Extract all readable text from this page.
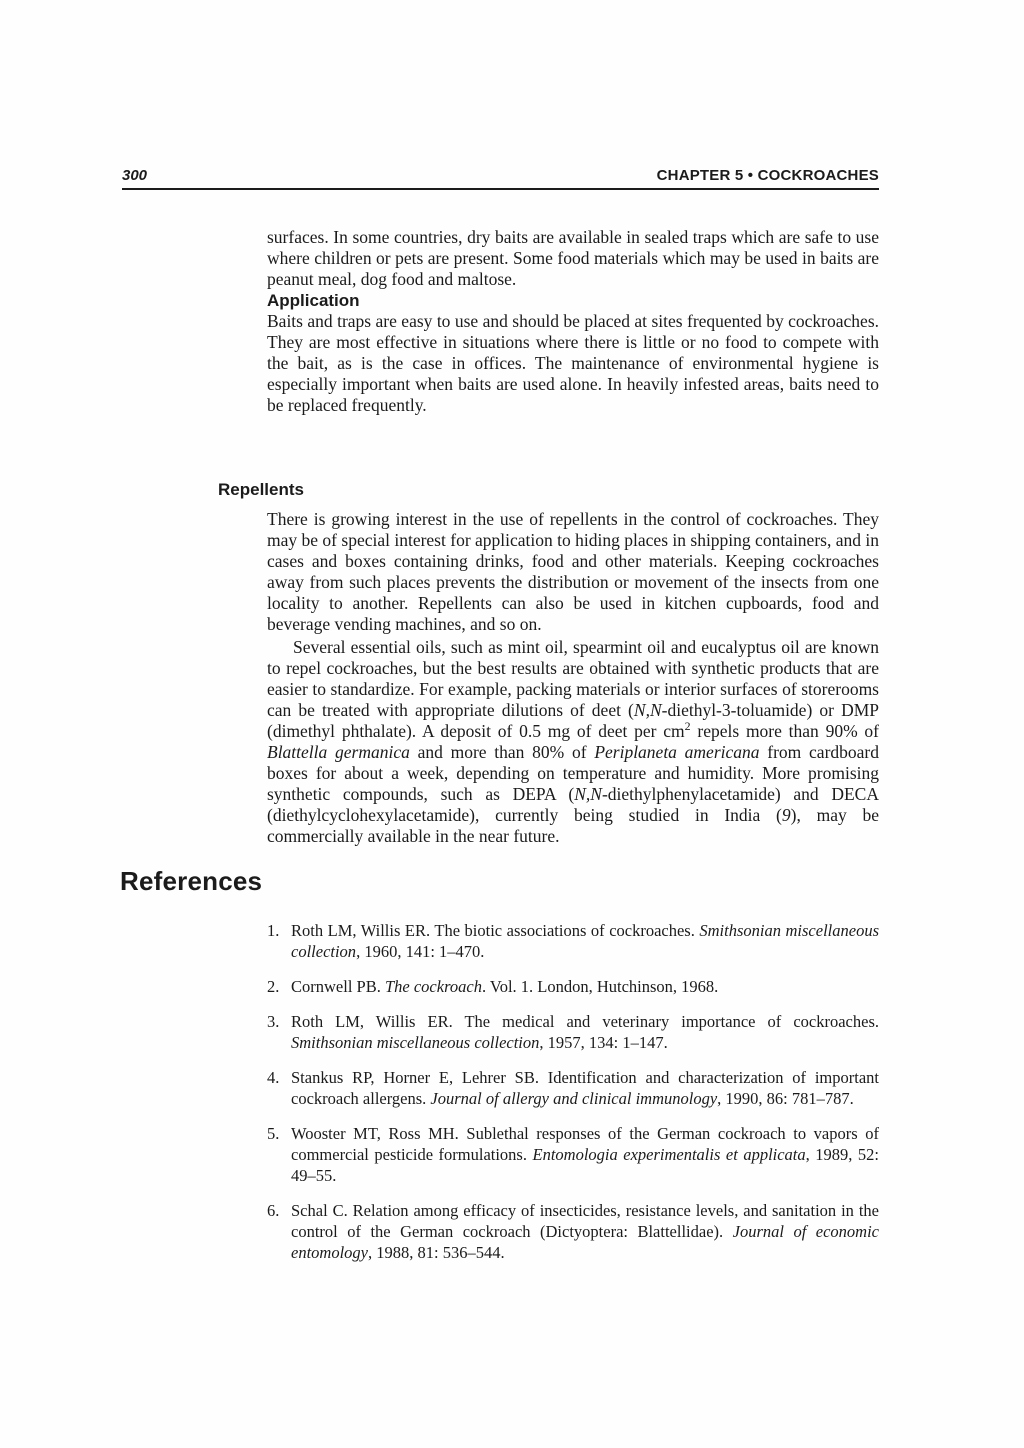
300	CHAPTER 5 • COCKROACHES

surfaces. In some countries, dry baits are available in sealed traps which are safe to use where children or pets are present. Some food materials which may be used in baits are peanut meal, dog food and maltose.

Application

Baits and traps are easy to use and should be placed at sites frequented by cockroaches. They are most effective in situations where there is little or no food to compete with the bait, as is the case in offices. The maintenance of environmental hygiene is especially important when baits are used alone. In heavily infested areas, baits need to be replaced frequently.

Repellents

There is growing interest in the use of repellents in the control of cockroaches. They may be of special interest for application to hiding places in shipping containers, and in cases and boxes containing drinks, food and other materials. Keeping cockroaches away from such places prevents the distribution or movement of the insects from one locality to another. Repellents can also be used in kitchen cupboards, food and beverage vending machines, and so on.

Several essential oils, such as mint oil, spearmint oil and eucalyptus oil are known to repel cockroaches, but the best results are obtained with synthetic products that are easier to standardize. For example, packing materials or interior surfaces of storerooms can be treated with appropriate dilutions of deet (N,N-diethyl-3-toluamide) or DMP (dimethyl phthalate). A deposit of 0.5 mg of deet per $cm^2$ repels more than 90% of Blattella germanica and more than 80% of Periplaneta americana from cardboard boxes for about a week, depending on temperature and humidity. More promising synthetic compounds, such as DEPA (N,N-diethylphenylacetamide) and DECA (diethylcyclohexylacetamide), currently being studied in India (9), may be commercially available in the near future.

References
1. Roth LM, Willis ER. The biotic associations of cockroaches. Smithsonian miscellaneous collection, 1960, 141: 1–470.
2. Cornwell PB. The cockroach. Vol. 1. London, Hutchinson, 1968.
3. Roth LM, Willis ER. The medical and veterinary importance of cockroaches. Smithsonian miscellaneous collection, 1957, 134: 1–147.
4. Stankus RP, Horner E, Lehrer SB. Identification and characterization of important cockroach allergens. Journal of allergy and clinical immunology, 1990, 86: 781–787.
5. Wooster MT, Ross MH. Sublethal responses of the German cockroach to vapors of commercial pesticide formulations. Entomologia experimentalis et applicata, 1989, 52: 49–55.
6. Schal C. Relation among efficacy of insecticides, resistance levels, and sanitation in the control of the German cockroach (Dictyoptera: Blattellidae). Journal of economic entomology, 1988, 81: 536–544.
